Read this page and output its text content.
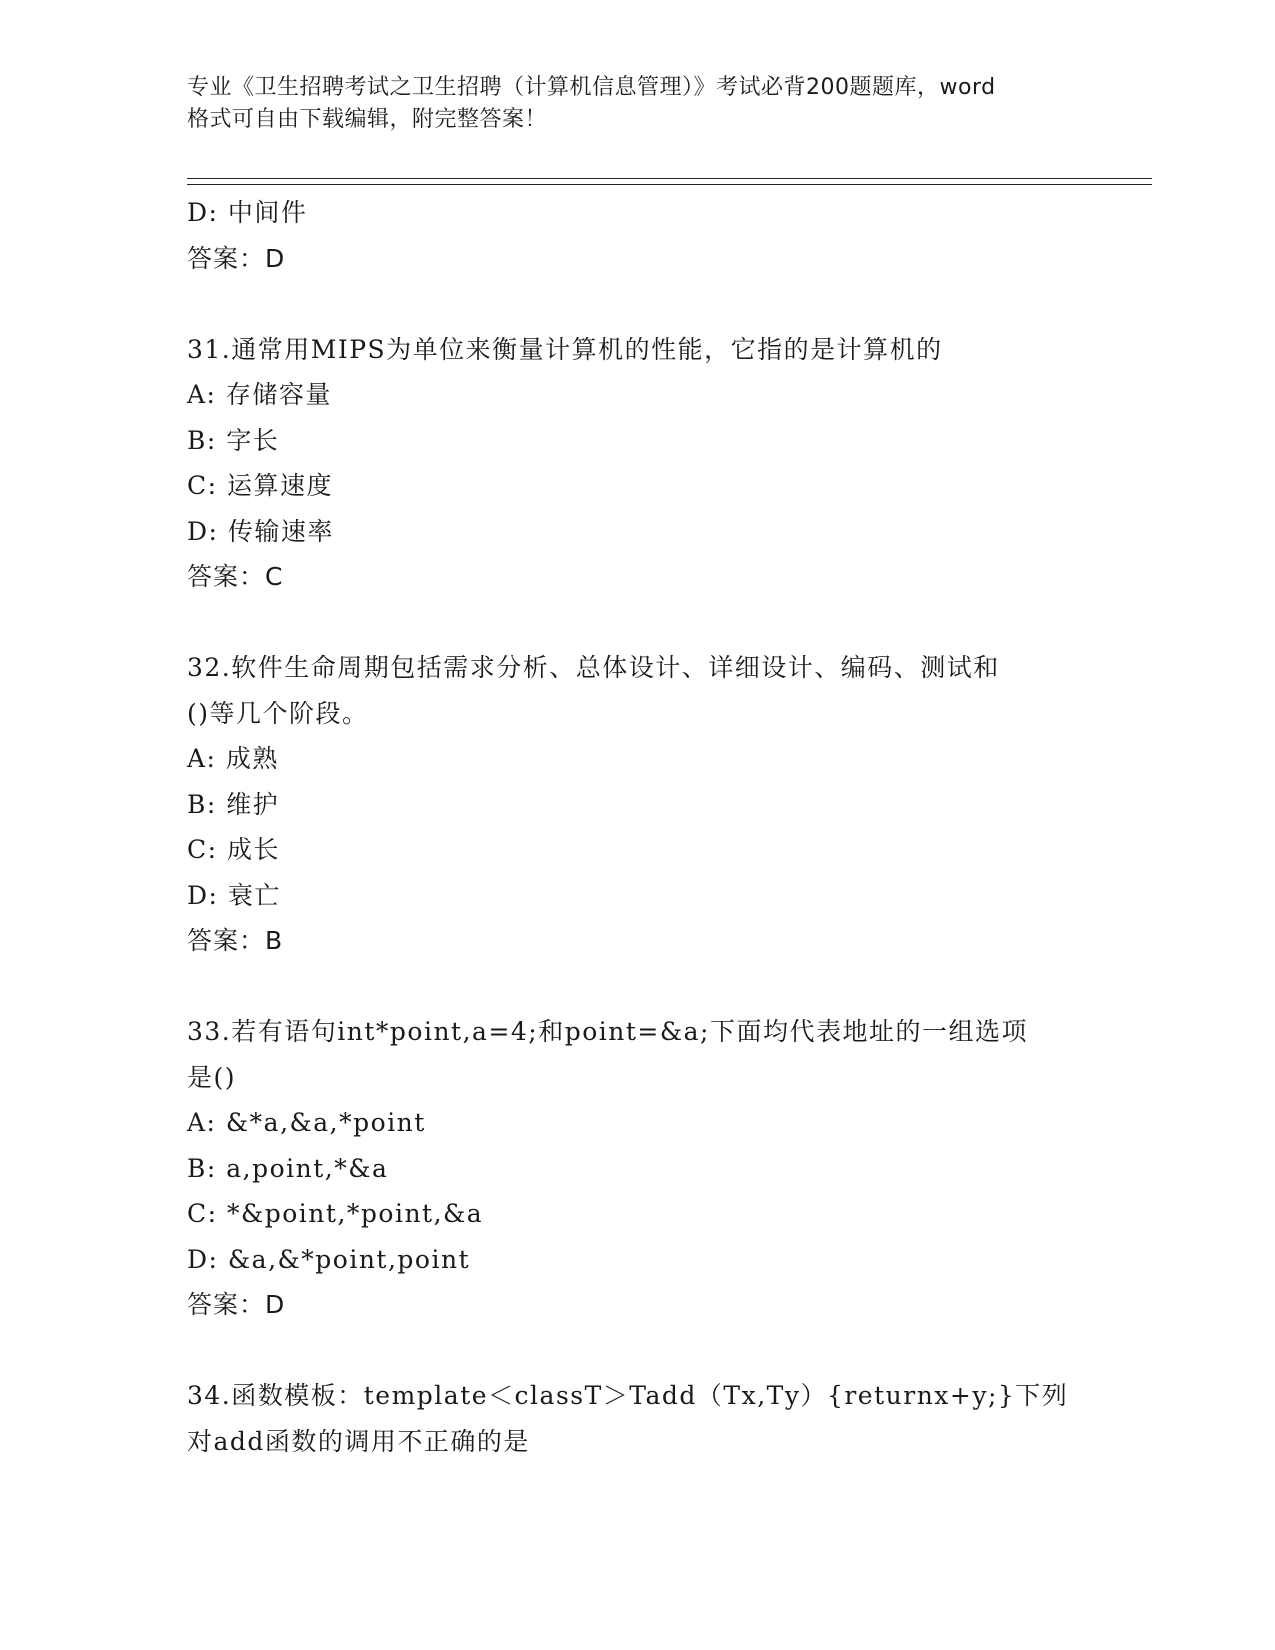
专业《卫生招聘考试之卫生招聘（计算机信息管理）》考试必背200题题库，word
格式可自由下载编辑，附完整答案！
D: 中间件
答案：D
31.通常用MIPS为单位来衡量计算机的性能，它指的是计算机的
A: 存储容量
B: 字长
C: 运算速度
D: 传输速率
答案：C
32.软件生命周期包括需求分析、总体设计、详细设计、编码、测试和
()等几个阶段。
A: 成熟
B: 维护
C: 成长
D: 衰亡
答案：B
33.若有语句int*point,a=4;和point=&a;下面均代表地址的一组选项
是()
A: &*a,&a,*point
B: a,point,*&a
C: *&point,*point,&a
D: &a,&*point,point
答案：D
34.函数模板：template＜classT＞Tadd（Tx,Ty）{returnx+y;}下列
对add函数的调用不正确的是
